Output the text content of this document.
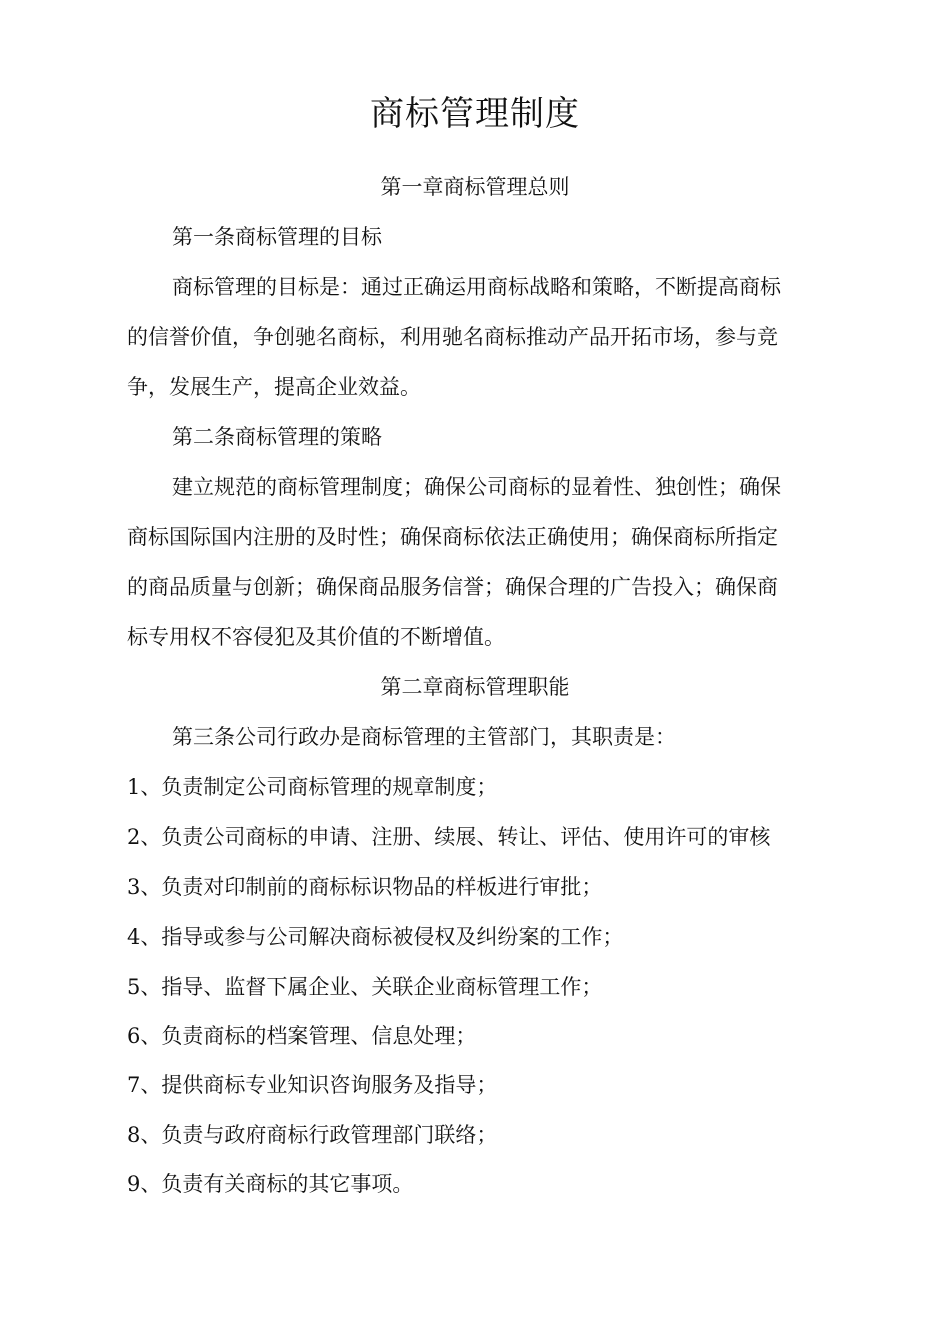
商标管理制度
第一章商标管理总则
第一条商标管理的目标
商标管理的目标是：通过正确运用商标战略和策略，不断提高商标
的信誉价值，争创驰名商标，利用驰名商标推动产品开拓市场，参与竞
争，发展生产，提高企业效益。
第二条商标管理的策略
建立规范的商标管理制度；确保公司商标的显着性、独创性；确保
商标国际国内注册的及时性；确保商标依法正确使用；确保商标所指定
的商品质量与创新；确保商品服务信誉；确保合理的广告投入；确保商
标专用权不容侵犯及其价值的不断增值。
第二章商标管理职能
第三条公司行政办是商标管理的主管部门，其职责是：
1、负责制定公司商标管理的规章制度；
2、负责公司商标的申请、注册、续展、转让、评估、使用许可的审核
3、负责对印制前的商标标识物品的样板进行审批；
4、指导或参与公司解决商标被侵权及纠纷案的工作；
5、指导、监督下属企业、关联企业商标管理工作；
6、负责商标的档案管理、信息处理；
7、提供商标专业知识咨询服务及指导；
8、负责与政府商标行政管理部门联络；
9、负责有关商标的其它事项。
